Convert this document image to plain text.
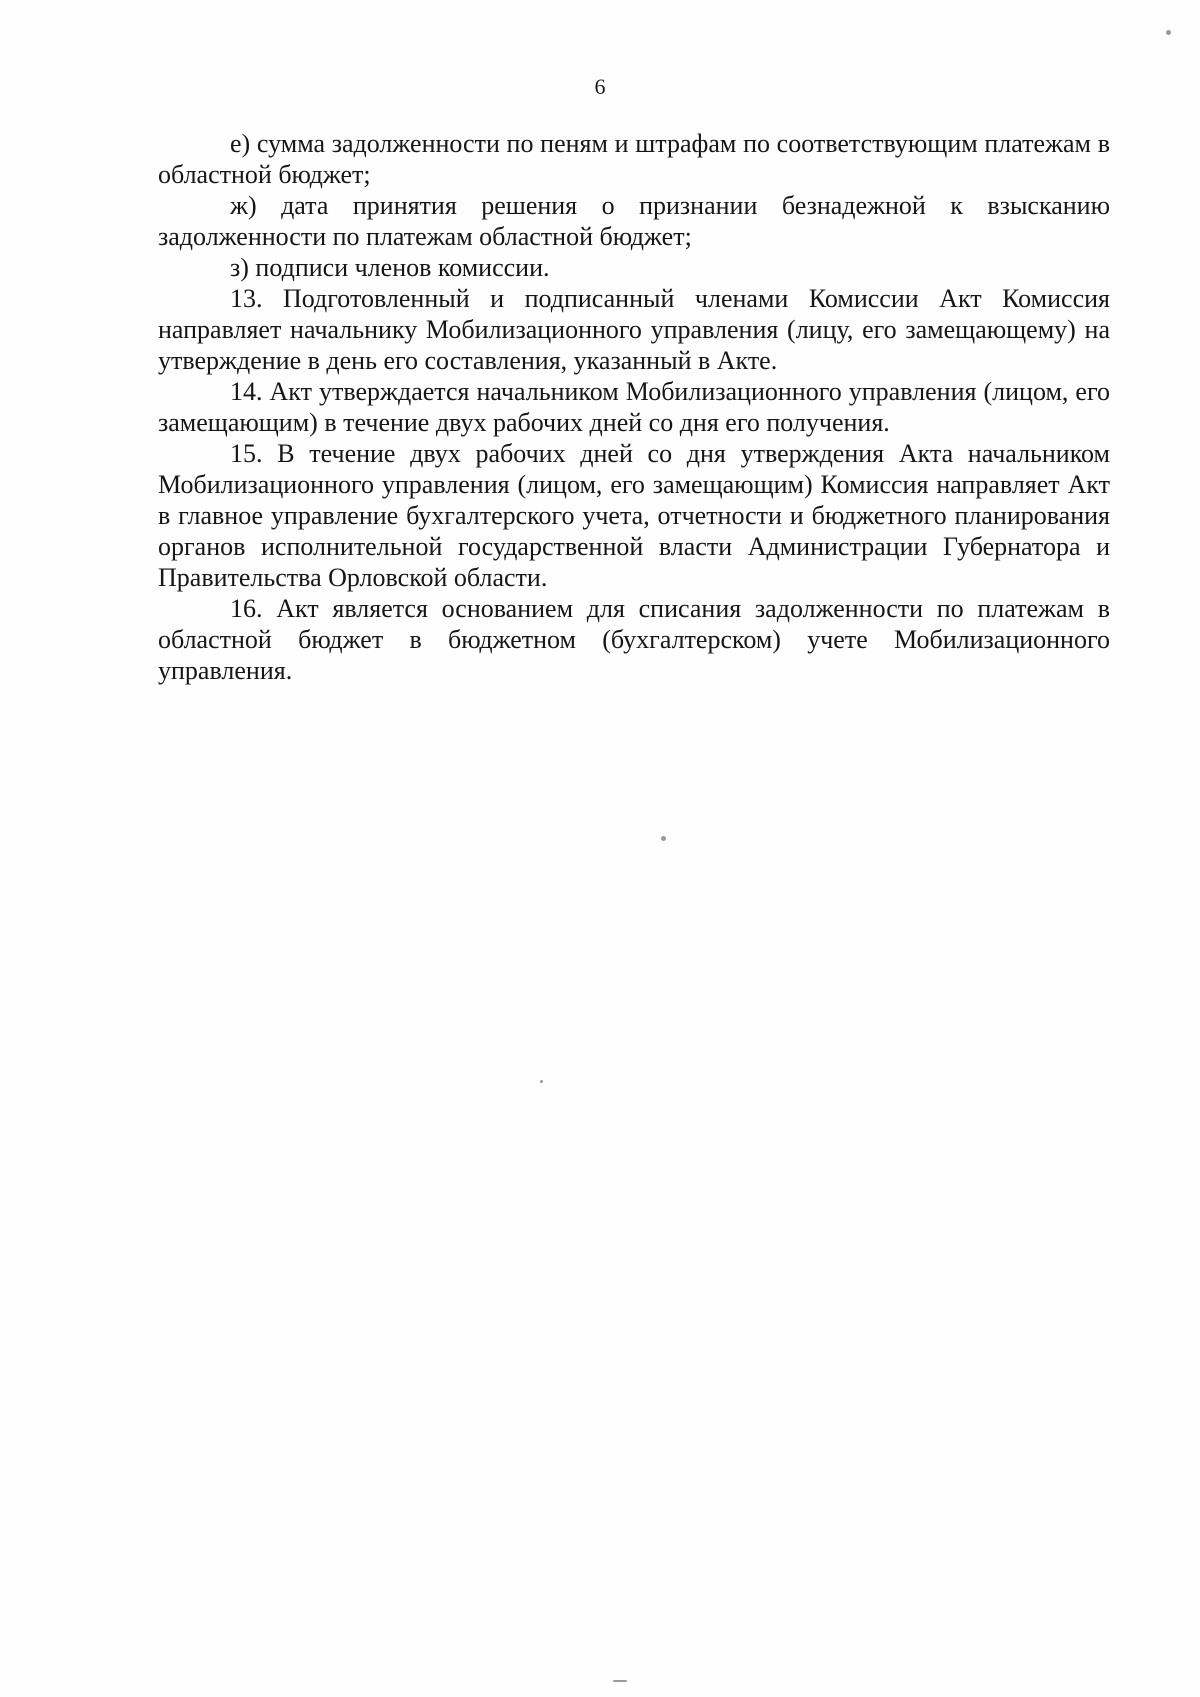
6

е) сумма задолженности по пеням и штрафам по соответствующим платежам в областной бюджет;

ж) дата принятия решения о признании безнадежной к взысканию задолженности по платежам областной бюджет;

з) подписи членов комиссии.

13. Подготовленный и подписанный членами Комиссии Акт Комиссия направляет начальнику Мобилизационного управления (лицу, его замещающему) на утверждение в день его составления, указанный в Акте.

14. Акт утверждается начальником Мобилизационного управления (лицом, его замещающим) в течение двух рабочих дней со дня его получения.

15. В течение двух рабочих дней со дня утверждения Акта начальником Мобилизационного управления (лицом, его замещающим) Комиссия направляет Акт в главное управление бухгалтерского учета, отчетности и бюджетного планирования органов исполнительной государственной власти Администрации Губернатора и Правительства Орловской области.

16. Акт является основанием для списания задолженности по платежам в областной бюджет в бюджетном (бухгалтерском) учете Мобилизационного управления.
